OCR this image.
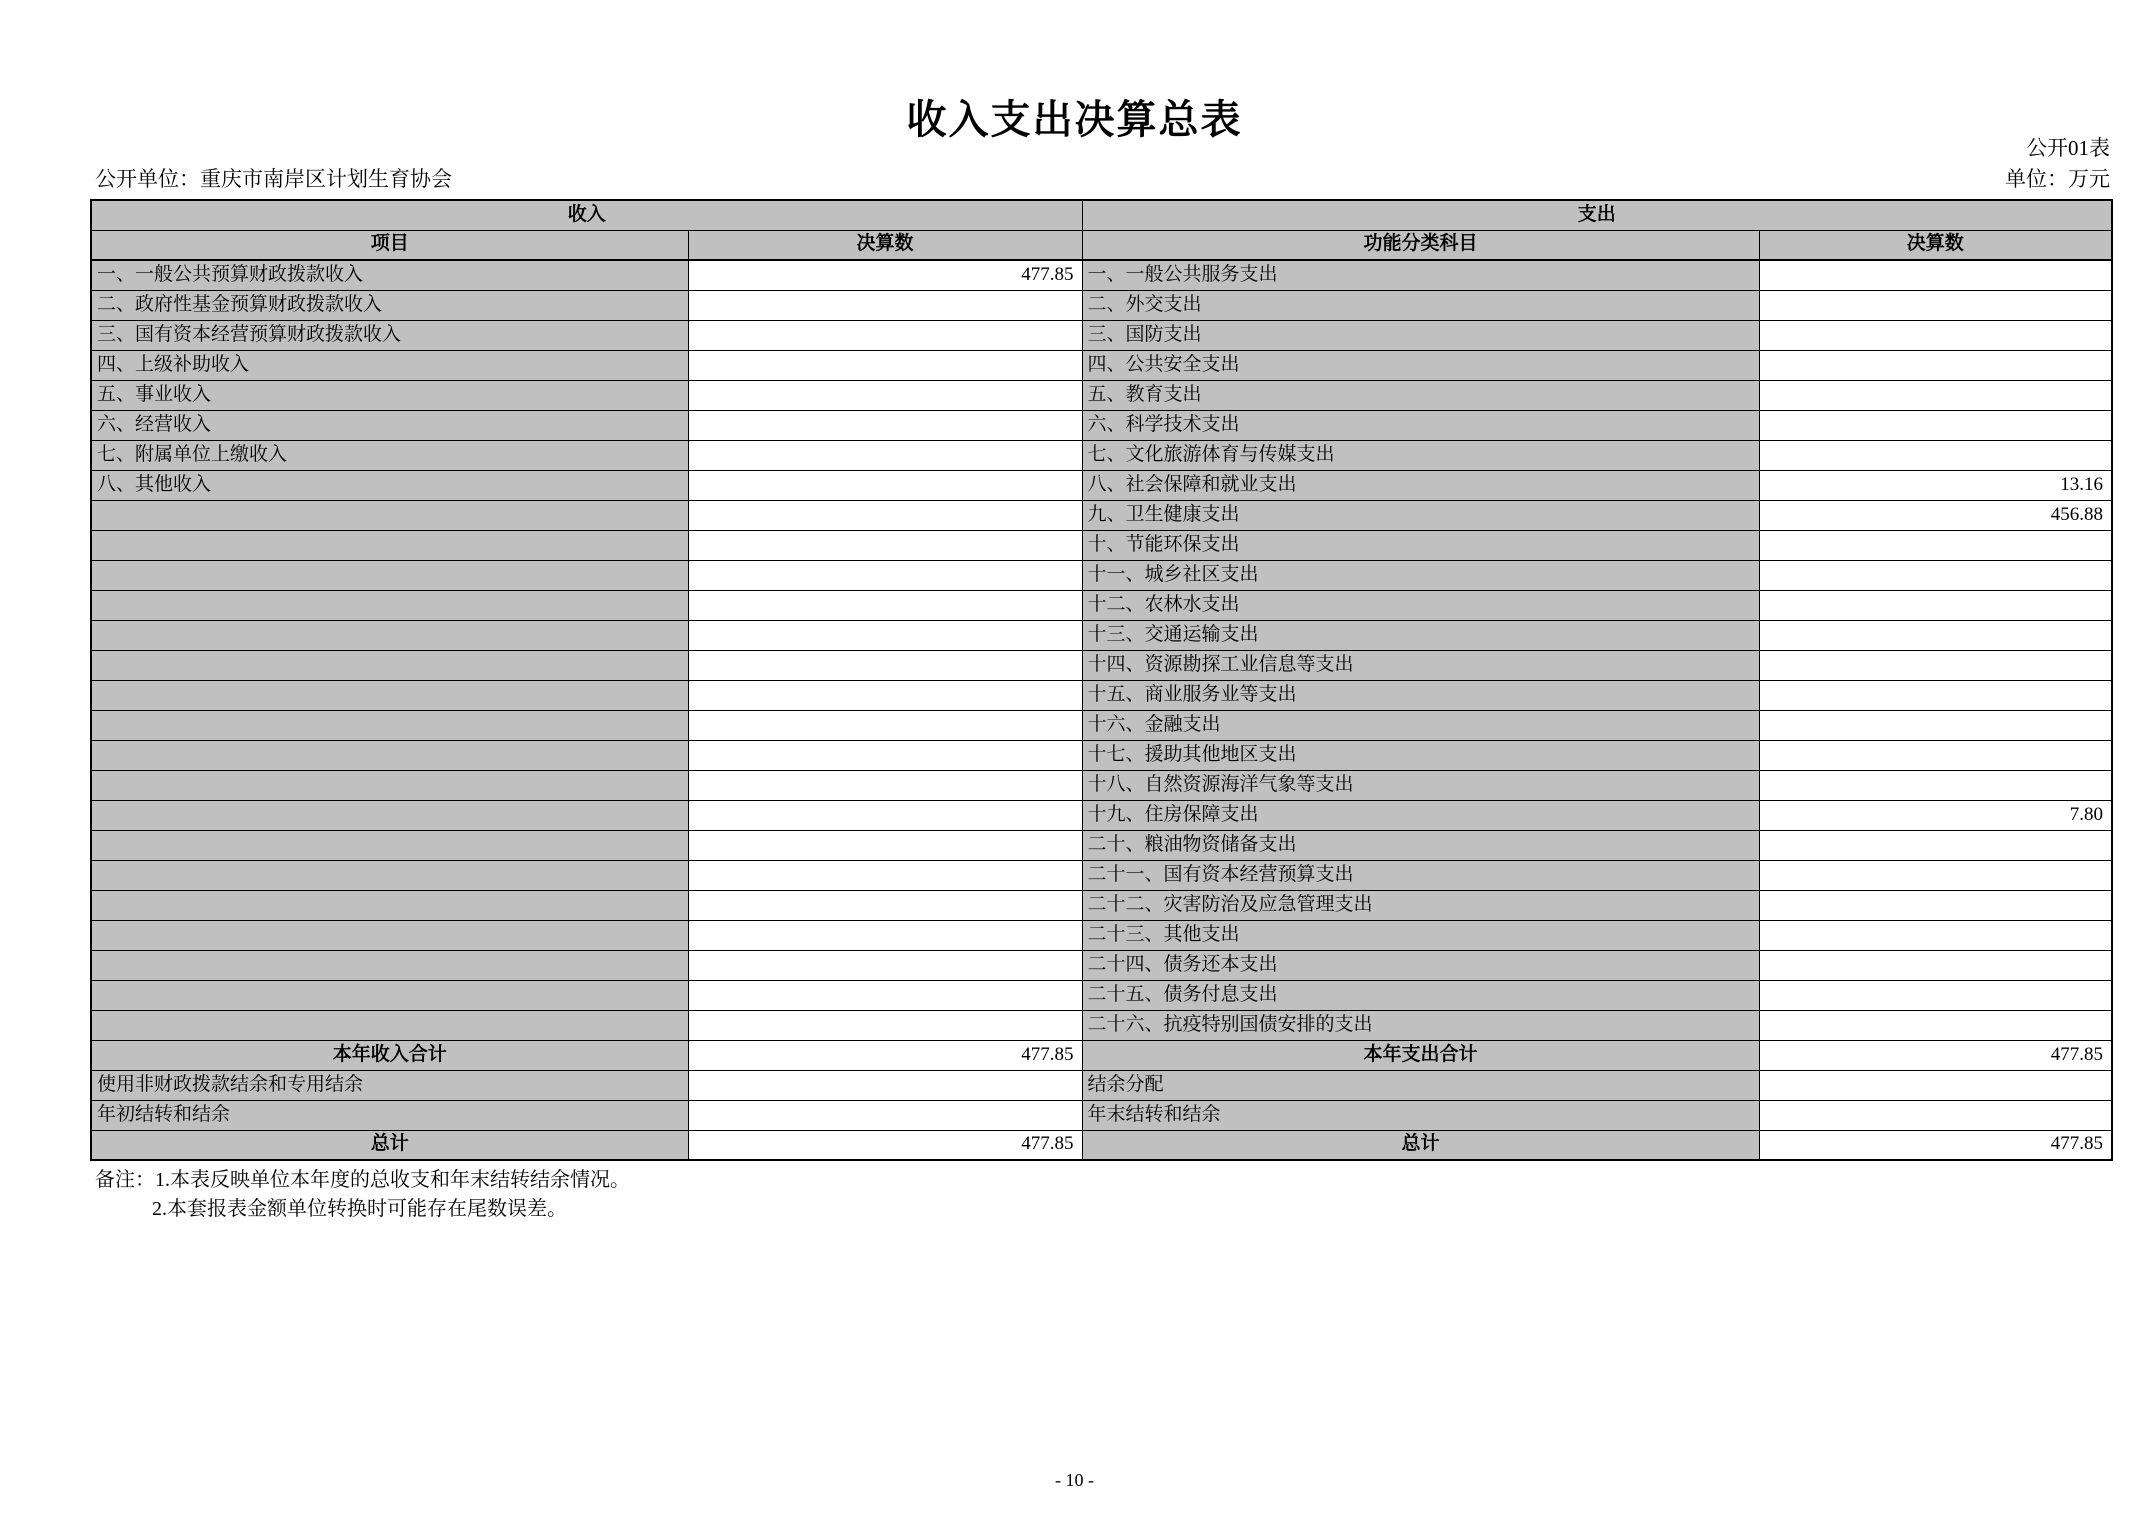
收入支出决算总表
公开01表
公开单位：重庆市南岸区计划生育协会	单位：万元
收入		支出	
项目	决算数	功能分类科目	决算数
一、一般公共预算财政拨款收入	477.85	一、一般公共服务支出	
二、政府性基金预算财政拨款收入		二、外交支出	
三、国有资本经营预算财政拨款收入		三、国防支出	
四、上级补助收入		四、公共安全支出	
五、事业收入		五、教育支出	
六、经营收入		六、科学技术支出	
七、附属单位上缴收入		七、文化旅游体育与传媒支出	
八、其他收入		八、社会保障和就业支出	13.16
		九、卫生健康支出	456.88
		十、节能环保支出	
		十一、城乡社区支出	
		十二、农林水支出	
		十三、交通运输支出	
		十四、资源勘探工业信息等支出	
		十五、商业服务业等支出	
		十六、金融支出	
		十七、援助其他地区支出	
		十八、自然资源海洋气象等支出	
		十九、住房保障支出	7.80
		二十、粮油物资储备支出	
		二十一、国有资本经营预算支出	
		二十二、灾害防治及应急管理支出	
		二十三、其他支出	
		二十四、债务还本支出	
		二十五、债务付息支出	
		二十六、抗疫特别国债安排的支出	
本年收入合计	477.85	本年支出合计	477.85
使用非财政拨款结余和专用结余		结余分配	
年初结转和结余		年末结转和结余	
总计	477.85	总计	477.85
备注：1.本表反映单位本年度的总收支和年末结转结余情况。
2.本套报表金额单位转换时可能存在尾数误差。
- 10 -
